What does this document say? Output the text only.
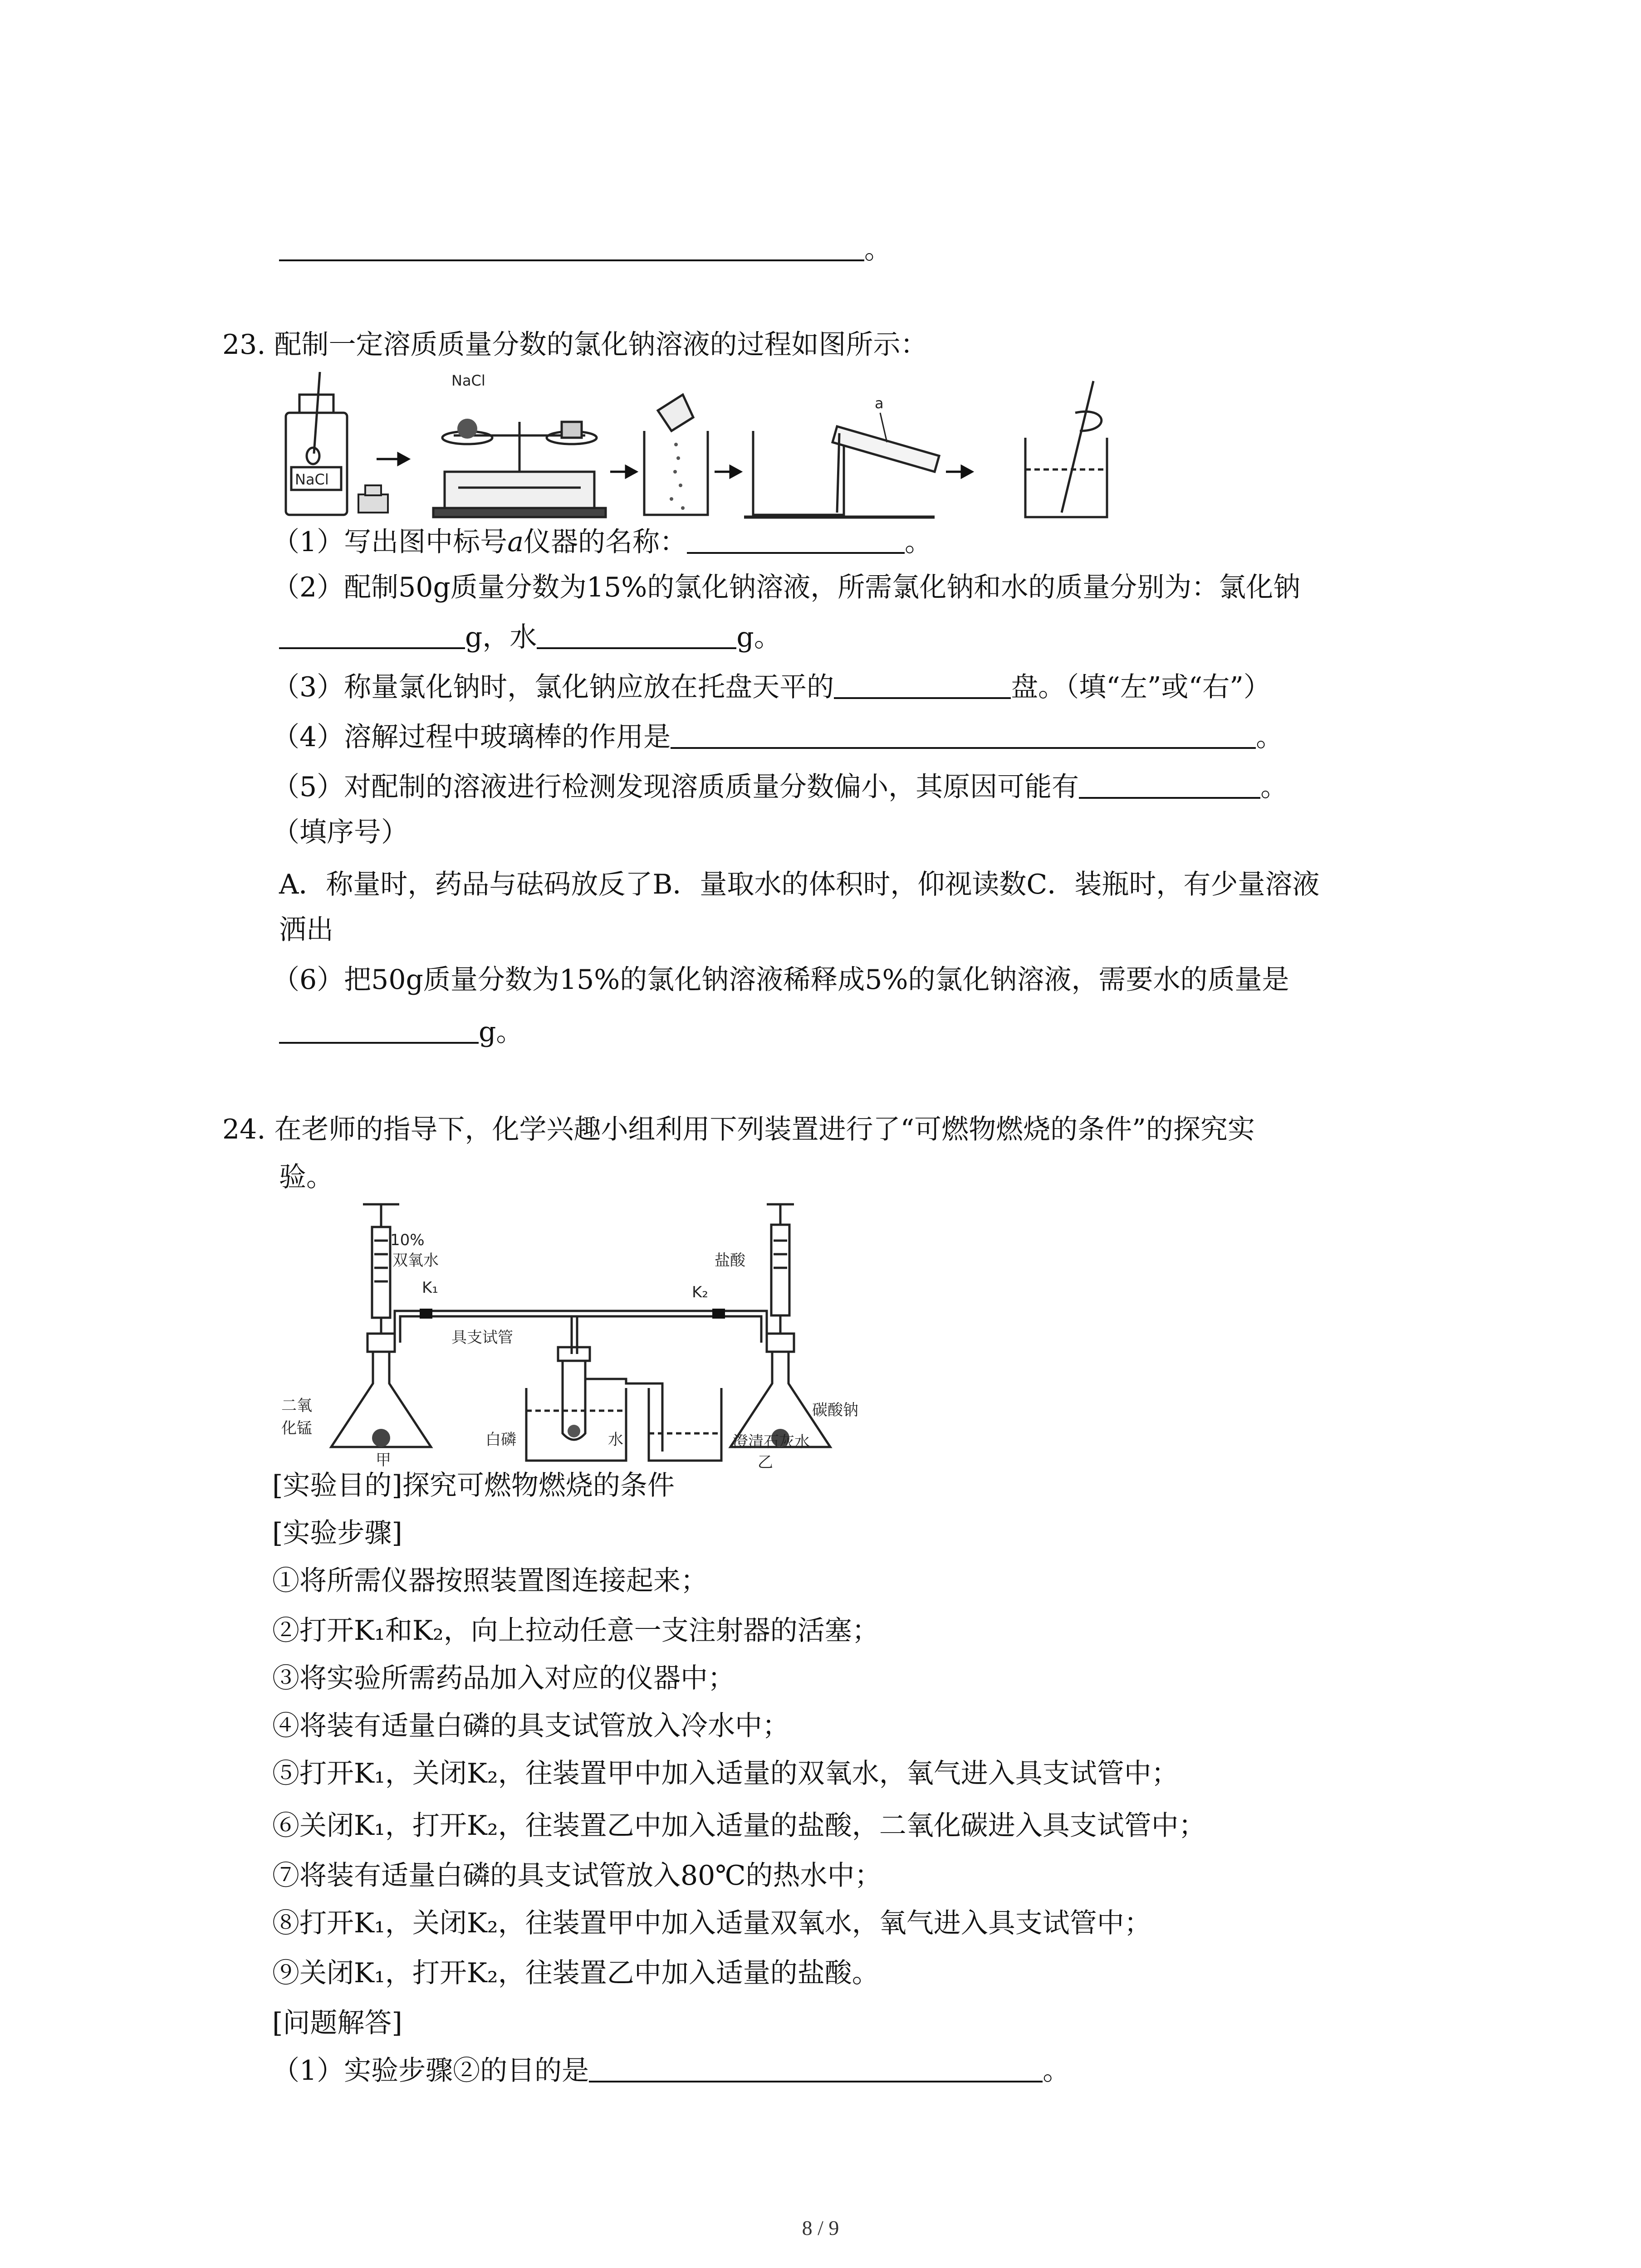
。
23. 配制一定溶质质量分数的氯化钠溶液的过程如图所示：
NaCl
NaCl
a
（1）写出图中标号a仪器的名称：	。
（2）配制50g质量分数为15%的氯化钠溶液，所需氯化钠和水的质量分别为：氯化钠
g，水	g。
（3）称量氯化钠时，氯化钠应放在托盘天平的	盘。（填“左”或“右”）
（4）溶解过程中玻璃棒的作用是	。
（5）对配制的溶液进行检测发现溶质质量分数偏小，其原因可能有	。
（填序号）
A．称量时，药品与砝码放反了B．量取水的体积时，仰视读数C．装瓶时，有少量溶液
洒出
（6）把50g质量分数为15%的氯化钠溶液稀释成5%的氯化钠溶液，需要水的质量是
g。
24. 在老师的指导下，化学兴趣小组利用下列装置进行了“可燃物燃烧的条件”的探究实
验。
10%
双氧水
K₁
盐酸
K₂
具支试管
二氧
化锰
甲
白磷	水	澄清石灰水
乙
碳酸钠
[实验目的]探究可燃物燃烧的条件
[实验步骤]
①将所需仪器按照装置图连接起来；
②打开K₁和K₂，向上拉动任意一支注射器的活塞；
③将实验所需药品加入对应的仪器中；
④将装有适量白磷的具支试管放入冷水中；
⑤打开K₁，关闭K₂，往装置甲中加入适量的双氧水，氧气进入具支试管中；
⑥关闭K₁，打开K₂，往装置乙中加入适量的盐酸，二氧化碳进入具支试管中；
⑦将装有适量白磷的具支试管放入80℃的热水中；
⑧打开K₁，关闭K₂，往装置甲中加入适量双氧水，氧气进入具支试管中；
⑨关闭K₁，打开K₂，往装置乙中加入适量的盐酸。
[问题解答]
（1）实验步骤②的目的是	。
8 / 9
